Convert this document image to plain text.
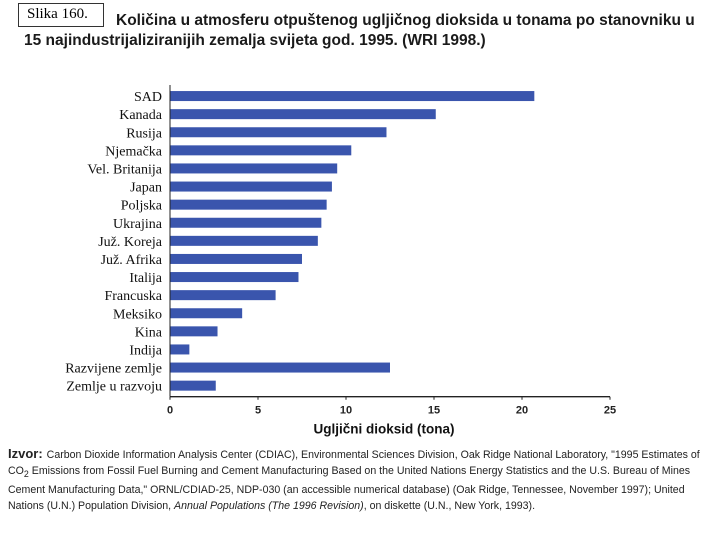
Količina u atmosferu otpuštenog ugljičnog dioksida u tonama po stanovniku u 15 najindustrijaliziranijih zemalja svijeta god. 1995. (WRI 1998.)
Slika 160.
SAD
Kanada
Rusija
Njemačka
Vel. Britanija
Japan
Poljska
Ukrajina
Juž. Koreja
Juž. Afrika
Italija
Francuska
Meksiko
Kina
Indija
Razvijene zemlje
Zemlje u razvoju
0	5	10	15	20	25
Ugljični dioksid (tona)
Izvor: Carbon Dioxide Information Analysis Center (CDIAC), Environmental Sciences Division, Oak Ridge National Laboratory, "1995 Estimates of $CO_2$ Emissions from Fossil Fuel Burning and Cement Manufacturing Based on the United Nations Energy Statistics and the U.S. Bureau of Mines Cement Manufacturing Data," ORNL/CDIAD-25, NDP-030 (an accessible numerical database) (Oak Ridge, Tennessee, November 1997); United Nations (U.N.) Population Division, Annual Populations (The 1996 Revision), on diskette (U.N., New York, 1993).
